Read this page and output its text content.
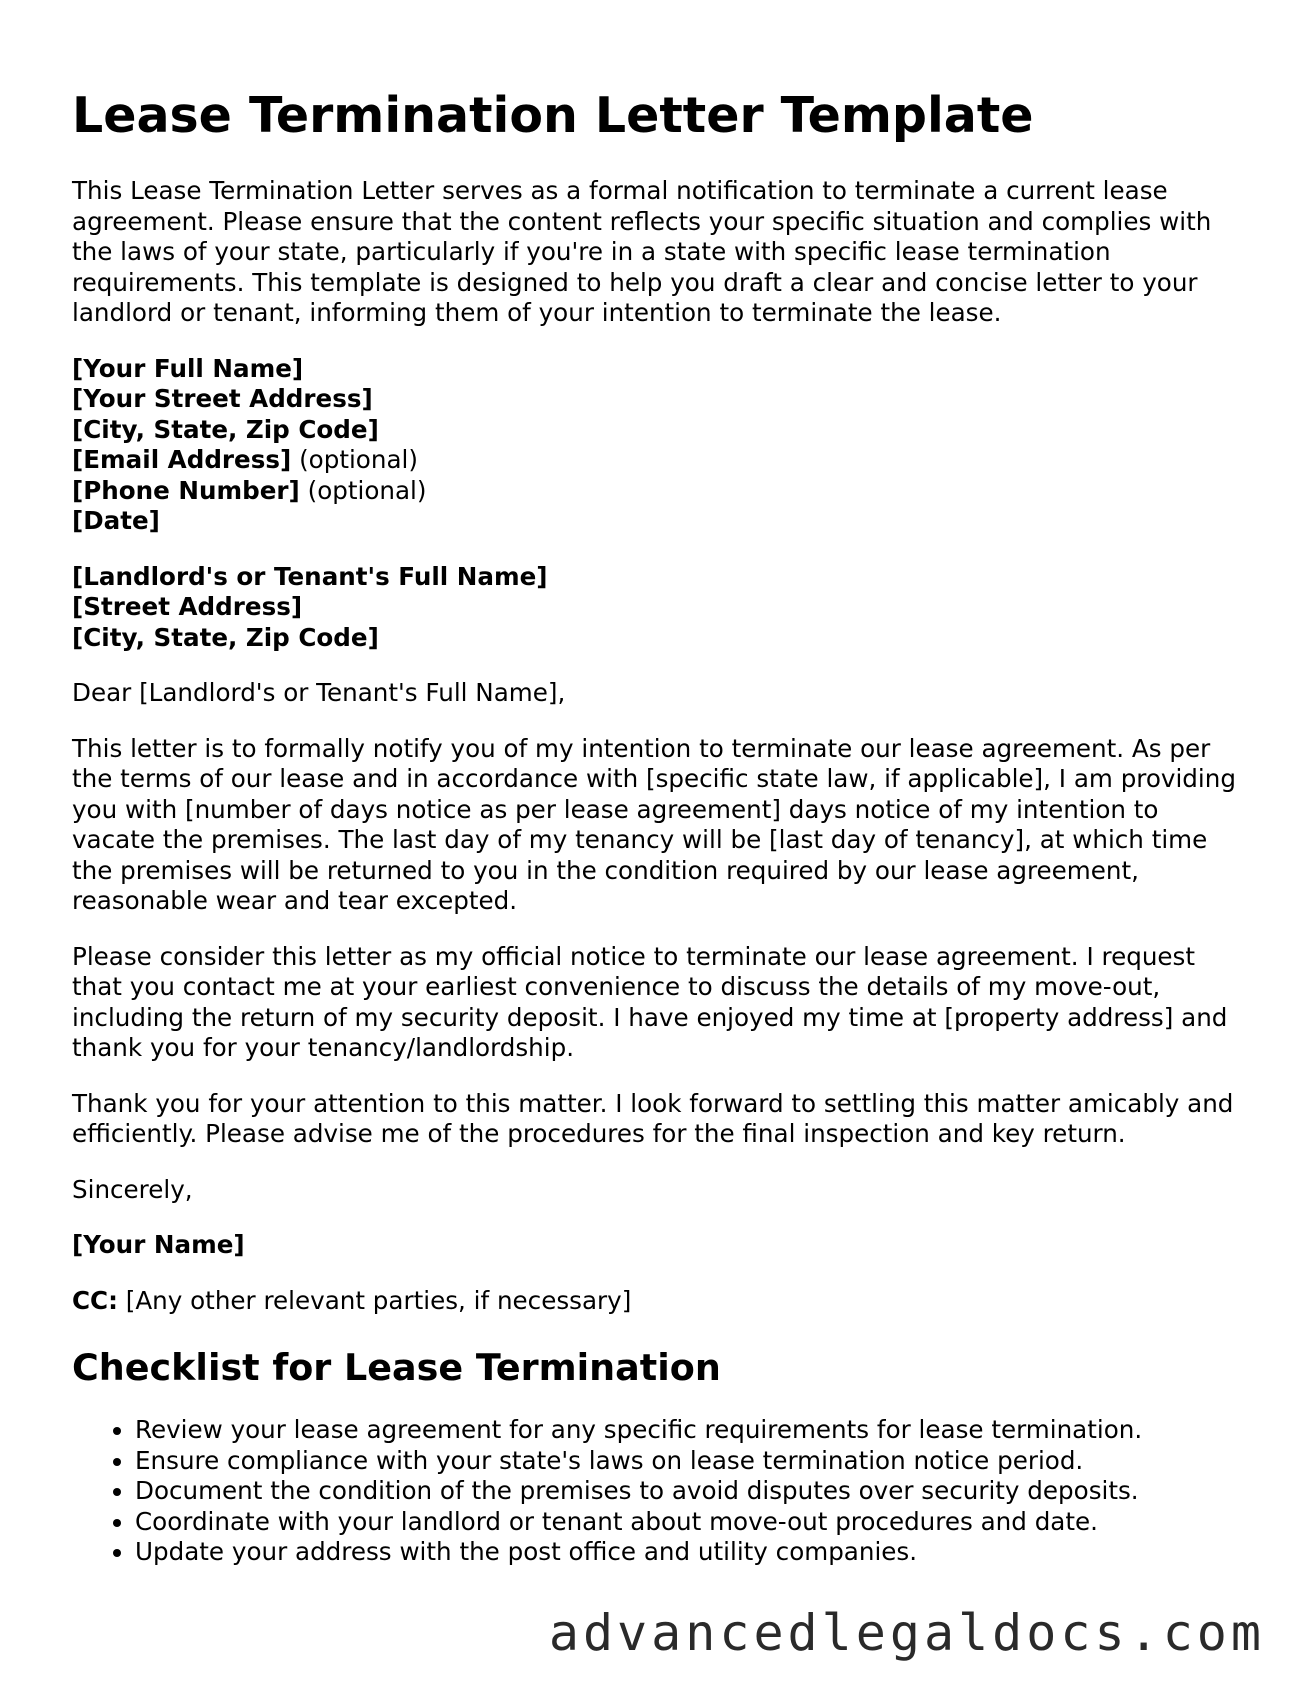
Lease Termination Letter Template

This Lease Termination Letter serves as a formal notification to terminate a current lease agreement. Please ensure that the content reflects your specific situation and complies with the laws of your state, particularly if you're in a state with specific lease termination requirements. This template is designed to help you draft a clear and concise letter to your landlord or tenant, informing them of your intention to terminate the lease.

[Your Full Name]
[Your Street Address]
[City, State, Zip Code]
[Email Address] (optional)
[Phone Number] (optional)
[Date]
[Landlord's or Tenant's Full Name]
[Street Address]
[City, State, Zip Code]

Dear [Landlord's or Tenant's Full Name],

This letter is to formally notify you of my intention to terminate our lease agreement. As per the terms of our lease and in accordance with [specific state law, if applicable], I am providing you with [number of days notice as per lease agreement] days notice of my intention to vacate the premises. The last day of my tenancy will be [last day of tenancy], at which time the premises will be returned to you in the condition required by our lease agreement, reasonable wear and tear excepted.

Please consider this letter as my official notice to terminate our lease agreement. I request that you contact me at your earliest convenience to discuss the details of my move-out, including the return of my security deposit. I have enjoyed my time at [property address] and thank you for your tenancy/landlordship.

Thank you for your attention to this matter. I look forward to settling this matter amicably and efficiently. Please advise me of the procedures for the final inspection and key return.

Sincerely,

[Your Name]

CC: [Any other relevant parties, if necessary]

Checklist for Lease Termination
• Review your lease agreement for any specific requirements for lease termination.
• Ensure compliance with your state's laws on lease termination notice period.
• Document the condition of the premises to avoid disputes over security deposits.
• Coordinate with your landlord or tenant about move-out procedures and date.
• Update your address with the post office and utility companies.
advancedlegaldocs.com
